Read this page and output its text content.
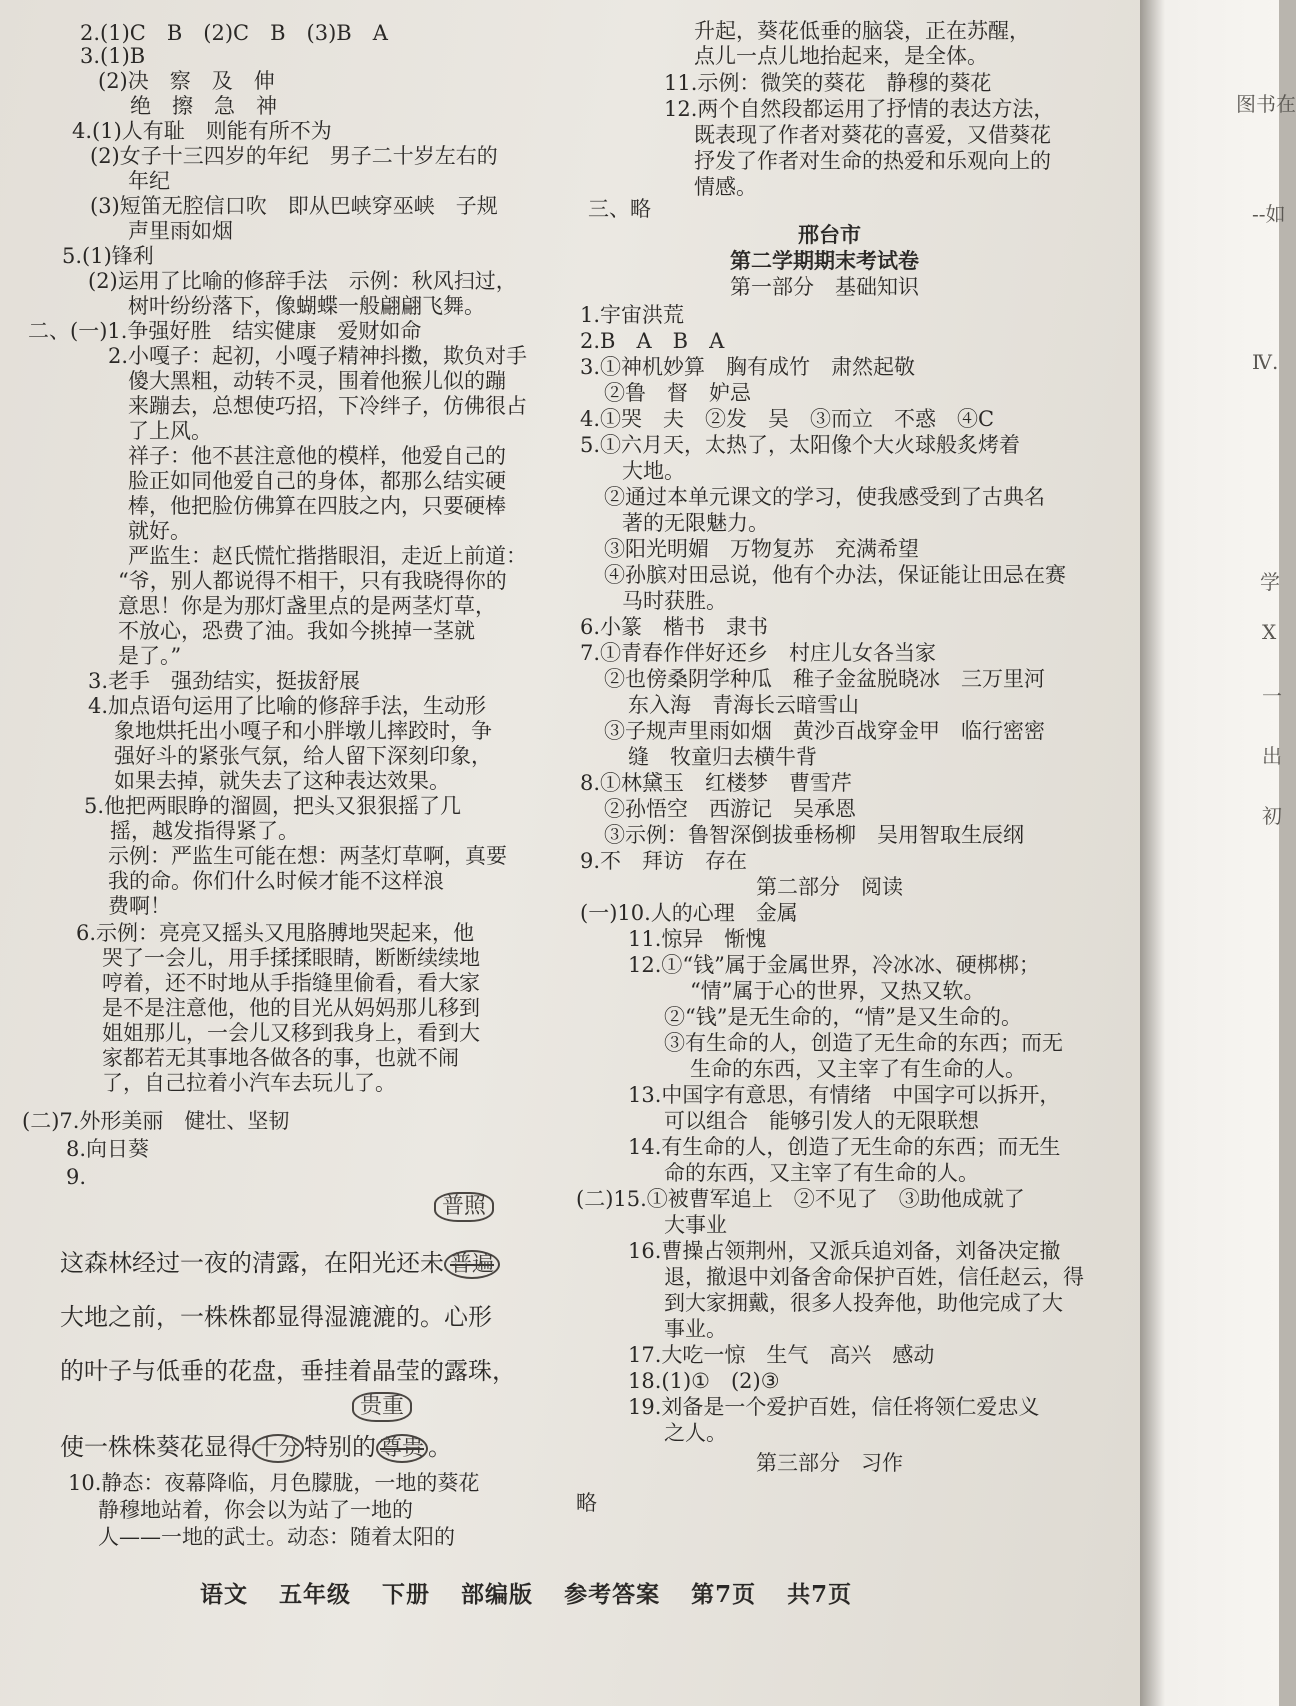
2.(1)C　B　(2)C　B　(3)B　A
3.(1)B
(2)决　察　及　伸
绝　擦　急　神
4.(1)人有耻　则能有所不为
(2)女子十三四岁的年纪　男子二十岁左右的
年纪
(3)短笛无腔信口吹　即从巴峡穿巫峡　子规
声里雨如烟
5.(1)锋利
(2)运用了比喻的修辞手法　示例：秋风扫过，
树叶纷纷落下，像蝴蝶一般翩翩飞舞。
二、(一)1.争强好胜　结实健康　爱财如命
2.小嘎子：起初，小嘎子精神抖擞，欺负对手
傻大黑粗，动转不灵，围着他猴儿似的蹦
来蹦去，总想使巧招，下冷绊子，仿佛很占
了上风。
祥子：他不甚注意他的模样，他爱自己的
脸正如同他爱自己的身体，都那么结实硬
棒，他把脸仿佛算在四肢之内，只要硬棒
就好。
严监生：赵氏慌忙揩揩眼泪，走近上前道：
“爷，别人都说得不相干，只有我晓得你的
意思！你是为那灯盏里点的是两茎灯草，
不放心，恐费了油。我如今挑掉一茎就
是了。”
3.老手　强劲结实，挺拔舒展
4.加点语句运用了比喻的修辞手法，生动形
象地烘托出小嘎子和小胖墩儿摔跤时，争
强好斗的紧张气氛，给人留下深刻印象，
如果去掉，就失去了这种表达效果。
5.他把两眼睁的溜圆，把头又狠狠摇了几
摇，越发指得紧了。
示例：严监生可能在想：两茎灯草啊，真要
我的命。你们什么时候才能不这样浪
费啊！
6.示例：亮亮又摇头又甩胳膊地哭起来，他
哭了一会儿，用手揉揉眼睛，断断续续地
哼着，还不时地从手指缝里偷看，看大家
是不是注意他，他的目光从妈妈那儿移到
姐姐那儿，一会儿又移到我身上，看到大
家都若无其事地各做各的事，也就不闹
了，自己拉着小汽车去玩儿了。
(二)7.外形美丽　健壮、坚韧
8.向日葵
9.
普照
这森林经过一夜的清露，在阳光还未 普遍
大地之前，一株株都显得湿漉漉的。心形
的叶子与低垂的花盘，垂挂着晶莹的露珠，
贵重
使一株株葵花显得 十分 特别的 尊贵 。
10.静态：夜幕降临，月色朦胧，一地的葵花
静穆地站着，你会以为站了一地的
人——一地的武士。动态：随着太阳的
升起，葵花低垂的脑袋，正在苏醒，
点儿一点儿地抬起来，是全体。
11.示例：微笑的葵花　静穆的葵花
12.两个自然段都运用了抒情的表达方法，
既表现了作者对葵花的喜爱，又借葵花
抒发了作者对生命的热爱和乐观向上的
情感。
三、略
邢台市
第二学期期末考试卷
第一部分　基础知识
1.宇宙洪荒
2.B　A　B　A
3.①神机妙算　胸有成竹　肃然起敬
②鲁　督　妒忌
4.①哭　夫　②发　吴　③而立　不惑　④C
5.①六月天，太热了，太阳像个大火球般炙烤着
大地。
②通过本单元课文的学习，使我感受到了古典名
著的无限魅力。
③阳光明媚　万物复苏　充满希望
④孙膑对田忌说，他有个办法，保证能让田忌在赛
马时获胜。
6.小篆　楷书　隶书
7.①青春作伴好还乡　村庄儿女各当家
②也傍桑阴学种瓜　稚子金盆脱晓冰　三万里河
东入海　青海长云暗雪山
③子规声里雨如烟　黄沙百战穿金甲　临行密密
缝　牧童归去横牛背
8.①林黛玉　红楼梦　曹雪芹
②孙悟空　西游记　吴承恩
③示例：鲁智深倒拔垂杨柳　吴用智取生辰纲
9.不　拜访　存在
第二部分　阅读
(一)10.人的心理　金属
11.惊异　惭愧
12.①“钱”属于金属世界，冷冰冰、硬梆梆；
“情”属于心的世界，又热又软。
②“钱”是无生命的，“情”是又生命的。
③有生命的人，创造了无生命的东西；而无
生命的东西，又主宰了有生命的人。
13.中国字有意思，有情绪　中国字可以拆开，
可以组合　能够引发人的无限联想
14.有生命的人，创造了无生命的东西；而无生
命的东西，又主宰了有生命的人。
(二)15.①被曹军追上　②不见了　③助他成就了
大事业
16.曹操占领荆州，又派兵追刘备，刘备决定撤
退，撤退中刘备舍命保护百姓，信任赵云，得
到大家拥戴，很多人投奔他，助他完成了大
事业。
17.大吃一惊　生气　高兴　感动
18.(1)①　(2)③
19.刘备是一个爱护百姓，信任将领仁爱忠义
之人。
第三部分　习作
略
语文 五年级 下册 部编版 参考答案 第7页 共7页
图书在
--如
Ⅳ.
学
X
一
出
初
